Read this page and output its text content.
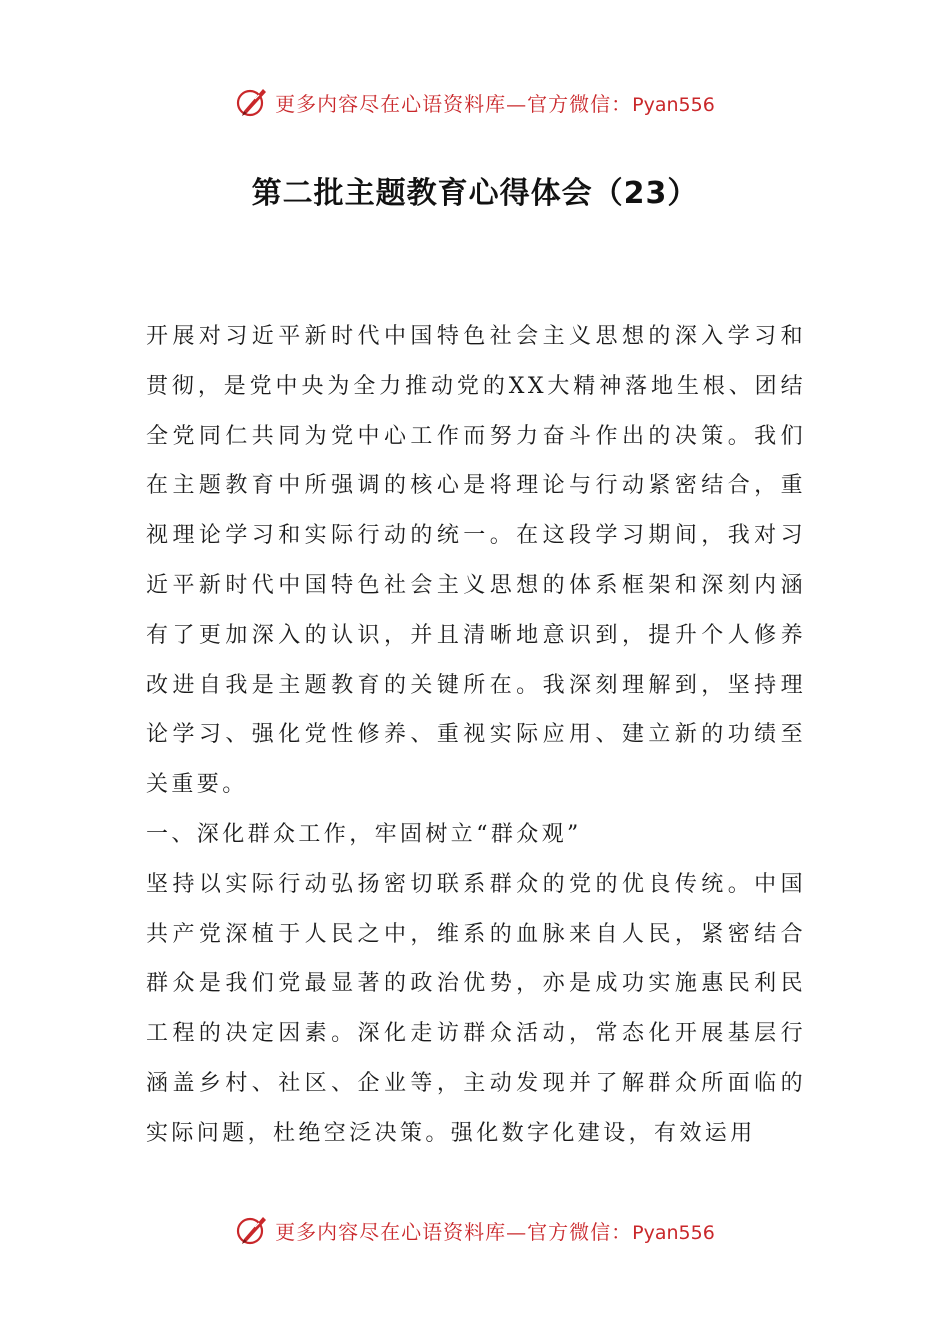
更多内容尽在心语资料库—官方微信：Pyan556
第二批主题教育心得体会（23）

开展对习近平新时代中国特色社会主义思想的深入学习和贯彻，是党中央为全力推动党的XX大精神落地生根、团结全党同仁共同为党中心工作而努力奋斗作出的决策。我们在主题教育中所强调的核心是将理论与行动紧密结合，重视理论学习和实际行动的统一。在这段学习期间，我对习近平新时代中国特色社会主义思想的体系框架和深刻内涵有了更加深入的认识，并且清晰地意识到，提升个人修养改进自我是主题教育的关键所在。我深刻理解到，坚持理论学习、强化党性修养、重视实际应用、建立新的功绩至关重要。

一、深化群众工作，牢固树立“群众观”

坚持以实际行动弘扬密切联系群众的党的优良传统。中国共产党深植于人民之中，维系的血脉来自人民，紧密结合群众是我们党最显著的政治优势，亦是成功实施惠民利民工程的决定因素。深化走访群众活动，常态化开展基层行涵盖乡村、社区、企业等，主动发现并了解群众所面临的实际问题，杜绝空泛决策。强化数字化建设，有效运用

更多内容尽在心语资料库—官方微信：Pyan556
